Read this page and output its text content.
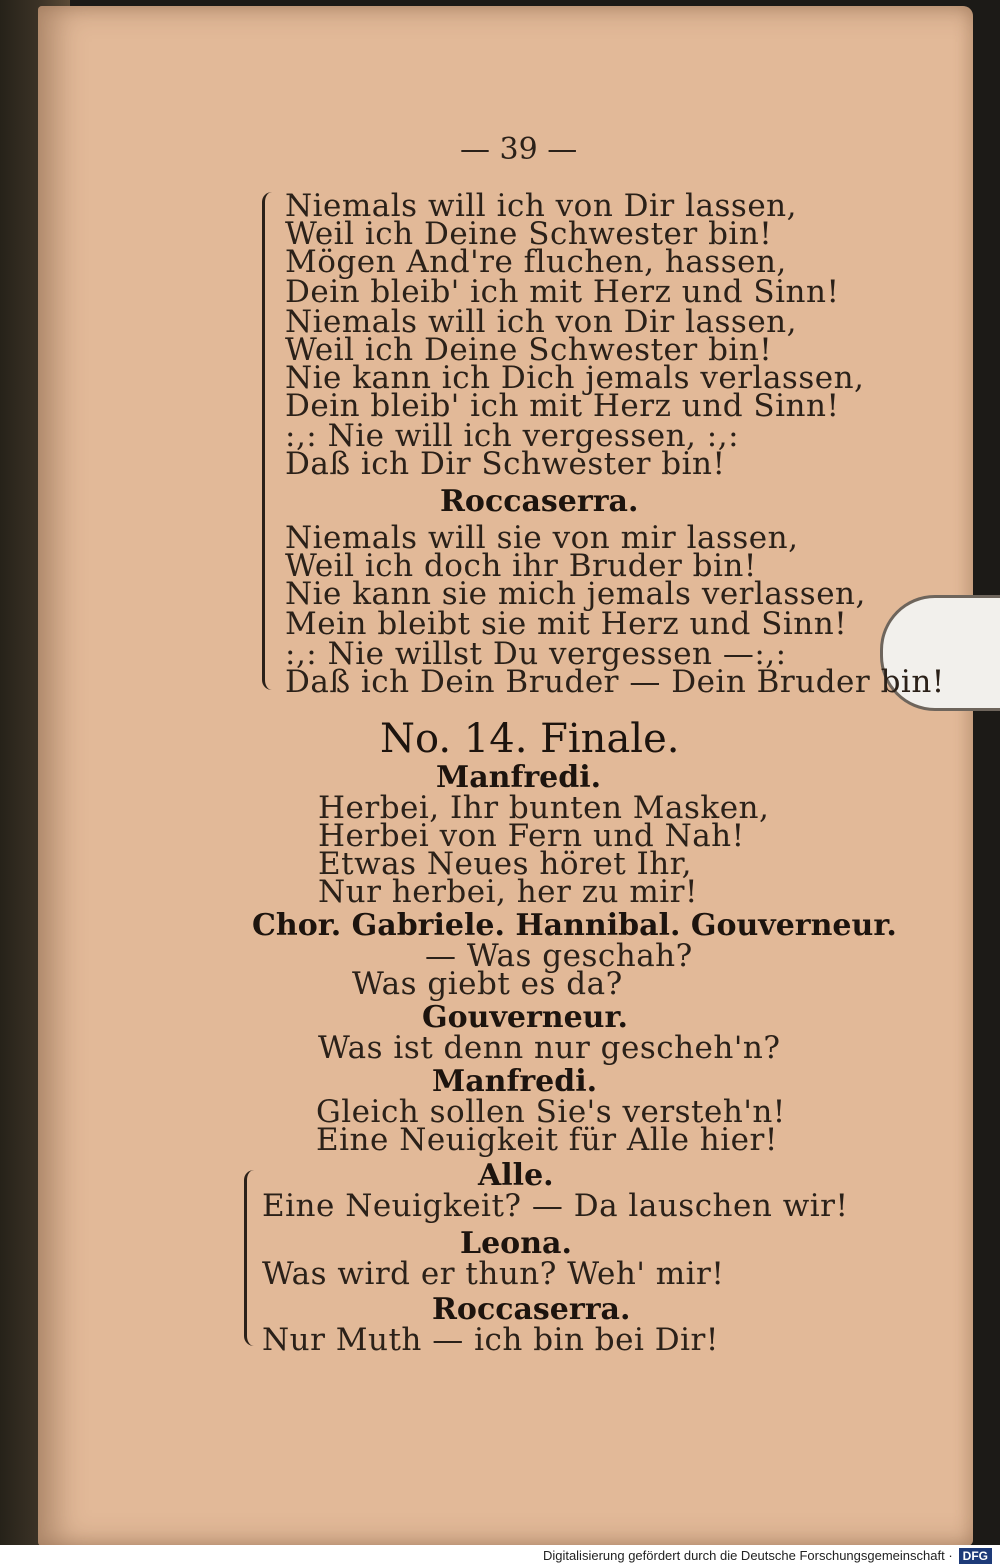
— 39 —
Niemals will ich von Dir lassen,
Weil ich Deine Schwester bin!
Mögen And're fluchen, hassen,
Dein bleib' ich mit Herz und Sinn!
Niemals will ich von Dir lassen,
Weil ich Deine Schwester bin!
Nie kann ich Dich jemals verlassen,
Dein bleib' ich mit Herz und Sinn!
:,: Nie will ich vergessen, :,:
Daß ich Dir Schwester bin!
Roccaserra.
Niemals will sie von mir lassen,
Weil ich doch ihr Bruder bin!
Nie kann sie mich jemals verlassen,
Mein bleibt sie mit Herz und Sinn!
:,: Nie willst Du vergessen —:,:
Daß ich Dein Bruder — Dein Bruder bin!
No. 14. Finale.
Manfredi.
Herbei, Ihr bunten Masken,
Herbei von Fern und Nah!
Etwas Neues höret Ihr,
Nur herbei, her zu mir!
Chor. Gabriele. Hannibal. Gouverneur.
— Was geschah?
Was giebt es da?
Gouverneur.
Was ist denn nur gescheh'n?
Manfredi.
Gleich sollen Sie's versteh'n!
Eine Neuigkeit für Alle hier!
Alle.
Eine Neuigkeit? — Da lauschen wir!
Leona.
Was wird er thun? Weh' mir!
Roccaserra.
Nur Muth — ich bin bei Dir!
Digitalisierung gefördert durch die Deutsche Forschungsgemeinschaft · DFG
